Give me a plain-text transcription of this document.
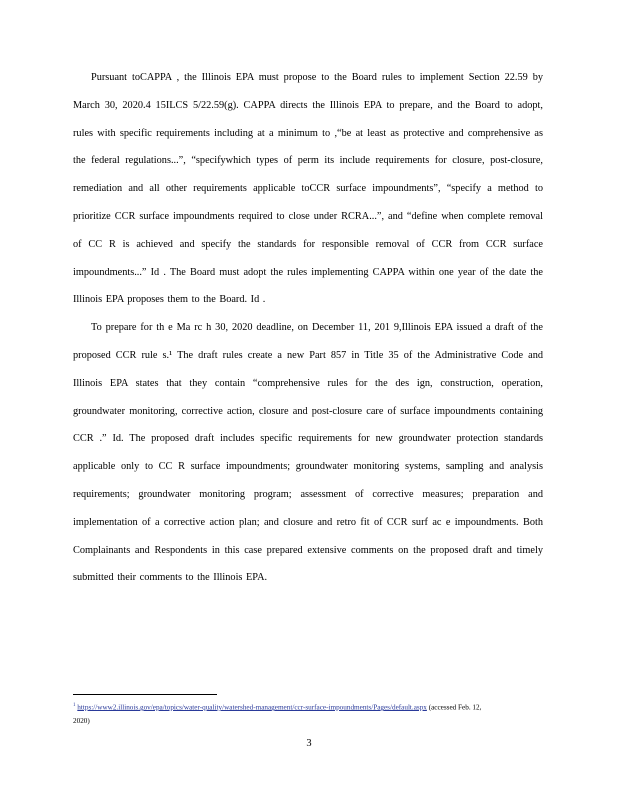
Pursuant toCAPPA , the Illinois EPA must propose to the Board rules to implement Section 22.59 by March 30, 2020.4 15ILCS 5/22.59(g). CAPPA directs the Illinois EPA to prepare, and the Board to adopt, rules with specific requirements including at a minimum to ,“be at least as protective and comprehensive as the federal regulations...”, “specifywhich types of perm its include requirements for closure, post-closure, remediation and all other requirements applicable toCCR surface impoundments”, “specify a method to prioritize CCR surface impoundments required to close under RCRA...”, and “define when complete removal of CC R is achieved and specify the standards for responsible removal of CCR from CCR surface impoundments...” Id . The Board must adopt the rules implementing CAPPA within one year of the date the Illinois EPA proposes them to the Board. Id .

To prepare for th e Ma rc h 30, 2020 deadline, on December 11, 201 9,Illinois EPA issued a draft of the proposed CCR rule s.¹ The draft rules create a new Part 857 in Title 35 of the Administrative Code and Illinois EPA states that they contain “comprehensive rules for the des ign, construction, operation, groundwater monitoring, corrective action, closure and post-closure care of surface impoundments containing CCR .” Id. The proposed draft includes specific requirements for new groundwater protection standards applicable only to CC R surface impoundments; groundwater monitoring systems, sampling and analysis requirements; groundwater monitoring program; assessment of corrective measures; preparation and implementation of a corrective action plan; and closure and retro fit of CCR surf ac e impoundments. Both Complainants and Respondents in this case prepared extensive comments on the proposed draft and timely submitted their comments to the Illinois EPA.

$^1$ https://www2.illinois.gov/epa/topics/water-quality/watershed-management/ccr-surface-impoundments/Pages/default.aspx (accessed Feb. 12, 2020)
3
